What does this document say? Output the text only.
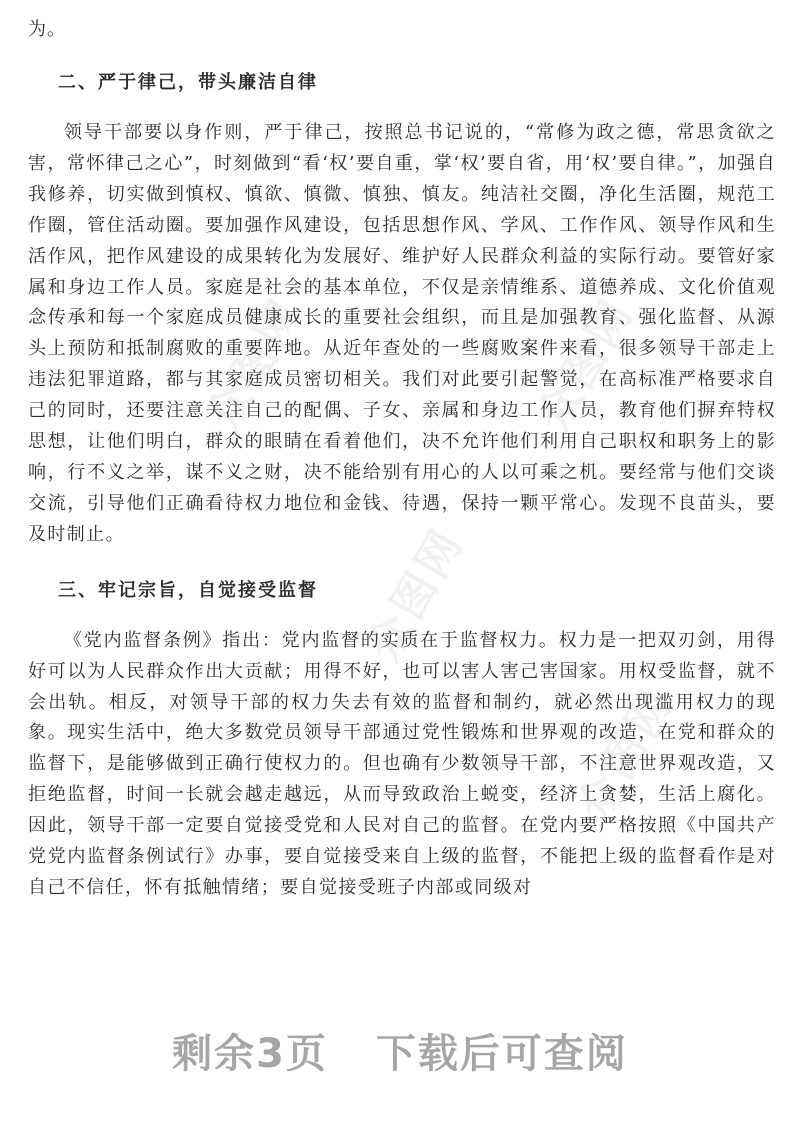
众图网	众图网
众图网
众图网

为。

二、严于律己，带头廉洁自律

领导干部要以身作则，严于律己，按照总书记说的，“常修为政之德，常思贪欲之害，常怀律己之心”，时刻做到“看‘权’要自重，掌‘权’要自省，用‘权’要自律。”，加强自我修养，切实做到慎权、慎欲、慎微、慎独、慎友。纯洁社交圈，净化生活圈，规范工作圈，管住活动圈。要加强作风建设，包括思想作风、学风、工作作风、领导作风和生活作风，把作风建设的成果转化为发展好、维护好人民群众利益的实际行动。要管好家属和身边工作人员。家庭是社会的基本单位，不仅是亲情维系、道德养成、文化价值观念传承和每一个家庭成员健康成长的重要社会组织，而且是加强教育、强化监督、从源头上预防和抵制腐败的重要阵地。从近年查处的一些腐败案件来看，很多领导干部走上违法犯罪道路，都与其家庭成员密切相关。我们对此要引起警觉，在高标准严格要求自己的同时，还要注意关注自己的配偶、子女、亲属和身边工作人员，教育他们摒弃特权思想，让他们明白，群众的眼睛在看着他们，决不允许他们利用自己职权和职务上的影响，行不义之举，谋不义之财，决不能给别有用心的人以可乘之机。要经常与他们交谈交流，引导他们正确看待权力地位和金钱、待遇，保持一颗平常心。发现不良苗头，要及时制止。

三、牢记宗旨，自觉接受监督

《党内监督条例》指出：党内监督的实质在于监督权力。权力是一把双刃剑，用得好可以为人民群众作出大贡献；用得不好，也可以害人害己害国家。用权受监督，就不会出轨。相反，对领导干部的权力失去有效的监督和制约，就必然出现滥用权力的现象。现实生活中，绝大多数党员领导干部通过党性锻炼和世界观的改造，在党和群众的监督下，是能够做到正确行使权力的。但也确有少数领导干部，不注意世界观改造，又拒绝监督，时间一长就会越走越远，从而导致政治上蜕变，经济上贪婪，生活上腐化。因此，领导干部一定要自觉接受党和人民对自己的监督。在党内要严格按照《中国共产党党内监督条例试行》办事，要自觉接受来自上级的监督，不能把上级的监督看作是对自己不信任，怀有抵触情绪；要自觉接受班子内部或同级对

剩余3页 下载后可查阅
